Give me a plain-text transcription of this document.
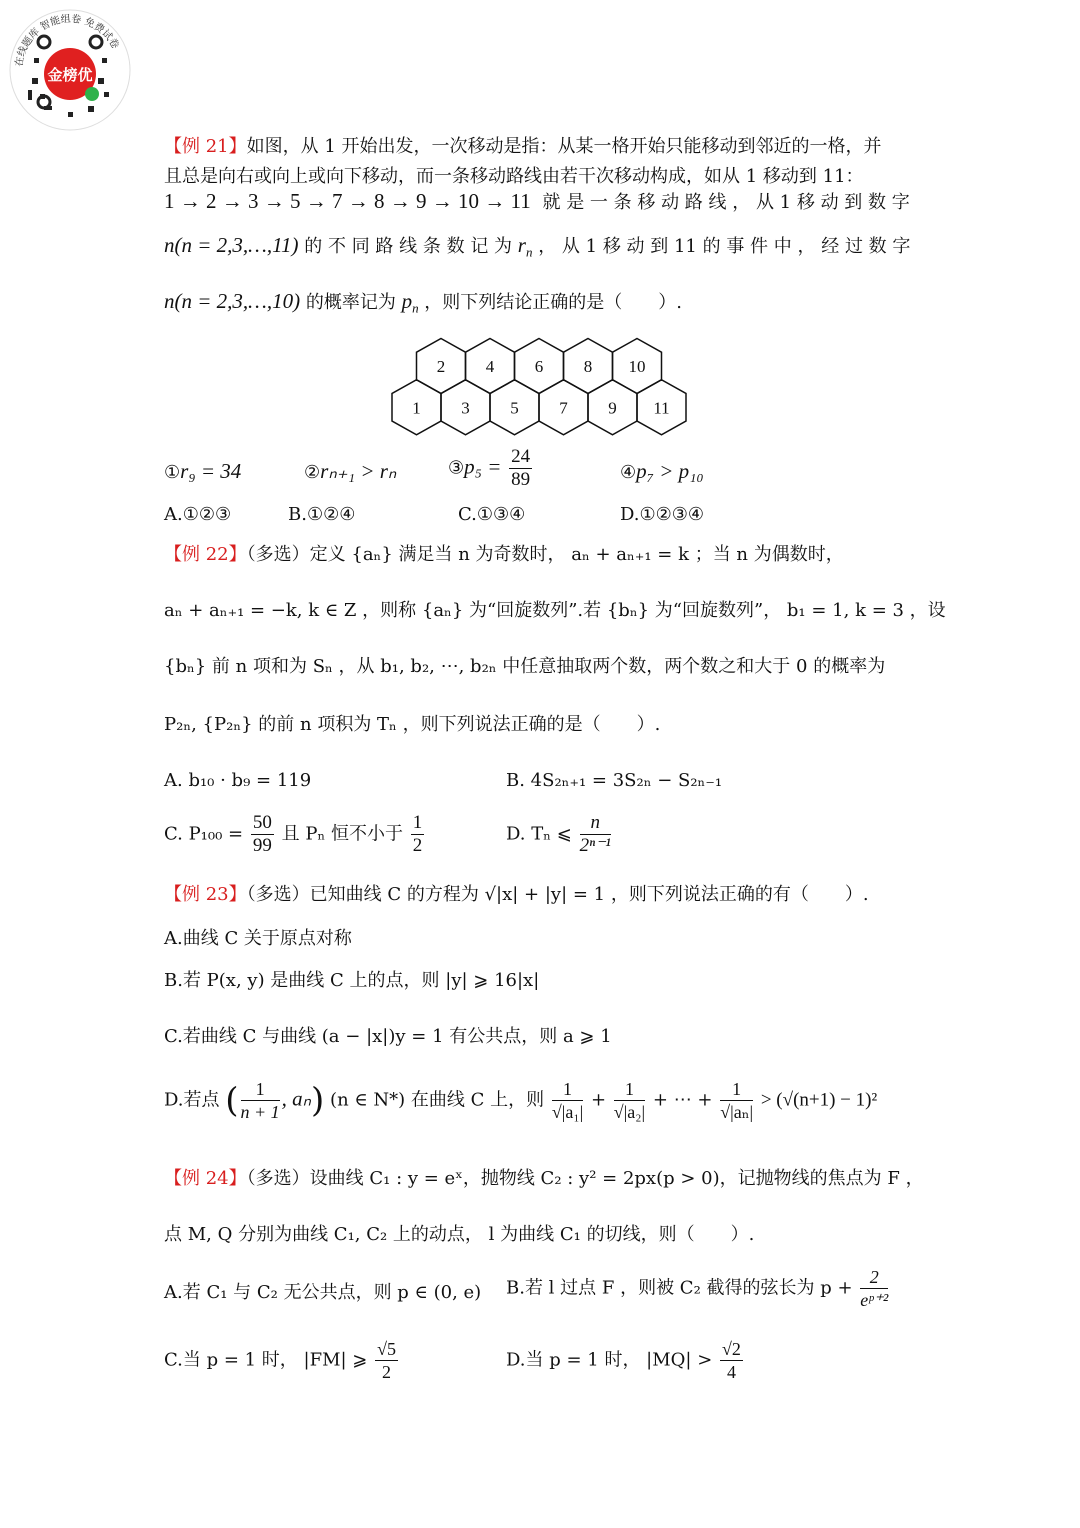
在线题库 智能组卷 免费试卷
金榜优
【例 21】如图，从 1 开始出发，一次移动是指：从某一格开始只能移动到邻近的一格，并
且总是向右或向上或向下移动，而一条移动路线由若干次移动构成，如从 1 移动到 11：
1 → 2 → 3 → 5 → 7 → 8 → 9 → 10 → 11 就 是 一 条 移 动 路 线 ， 从 1 移 动 到 数 字
n(n = 2,3,…,11) 的 不 同 路 线 条 数 记 为 $r_n$ ， 从 1 移 动 到 11 的 事 件 中 ， 经 过 数 字
n(n = 2,3,…,10) 的概率记为 $p_n$ ，则下列结论正确的是（　　）.
2 4 6 8 10
1 3 5 7 9 11
①r₉ = 34	②rₙ₊₁ > rₙ	③p₅ = $\frac{24}{89}$	④p₇ > p₁₀
A.①②③	B.①②④	C.①③④	D.①②③④
【例 22】（多选）定义 {aₙ} 满足当 n 为奇数时， aₙ + aₙ₊₁ = k ；当 n 为偶数时，
aₙ + aₙ₊₁ = −k, k ∈ Z ，则称 {aₙ} 为“回旋数列”.若 {bₙ} 为“回旋数列”， b₁ = 1, k = 3 ，设
{bₙ} 前 n 项和为 Sₙ ，从 b₁, b₂, ⋯, b₂ₙ 中任意抽取两个数，两个数之和大于 0 的概率为
P₂ₙ, {P₂ₙ} 的前 n 项积为 Tₙ ，则下列说法正确的是（　　）.
A. b₁₀ · b₉ = 119	B. 4S₂ₙ₊₁ = 3S₂ₙ − S₂ₙ₋₁
C. $P_{100} = \frac{50}{99}$ 且 Pₙ 恒不小于 $\frac{1}{2}$	D. Tₙ ⩽ $\frac{n}{\text{2ⁿ⁻¹}}$
【例 23】（多选）已知曲线 C 的方程为 √|x| + |y| = 1 ，则下列说法正确的有（　　）.
A.曲线 C 关于原点对称
B.若 P(x, y) 是曲线 C 上的点，则 |y| ⩾ 16|x|
C.若曲线 C 与曲线 (a − |x|)y = 1 有公共点，则 a ⩾ 1
D.若点 ( $\frac{1}{n + 1}$ , aₙ) (n ∈ N*) 在曲线 C 上，则 $\frac{1}{\text{√|a₁|}} + \frac{1}{\text{√|a₂|}}$ + ⋯ + $\frac{1}{\text{√|aₙ|}} > (√(n+1) - 1)^2$
【例 24】（多选）设曲线 C₁ : y = eˣ，抛物线 C₂ : y² = 2px(p > 0)，记抛物线的焦点为 F ，
点 M, Q 分别为曲线 C₁, C₂ 上的动点， l 为曲线 C₁ 的切线，则（　　）.
A.若 C₁ 与 C₂ 无公共点，则 p ∈ (0, e) B.若 l 过点 F ，则被 C₂ 截得的弦长为 $p + \frac{2}{\text{eᵖ⁺²}}$
C.当 p = 1 时， |FM| ⩾ $\frac{√5}{2}$	D.当 p = 1 时， $|MQ| > \frac{√2}{4}$
